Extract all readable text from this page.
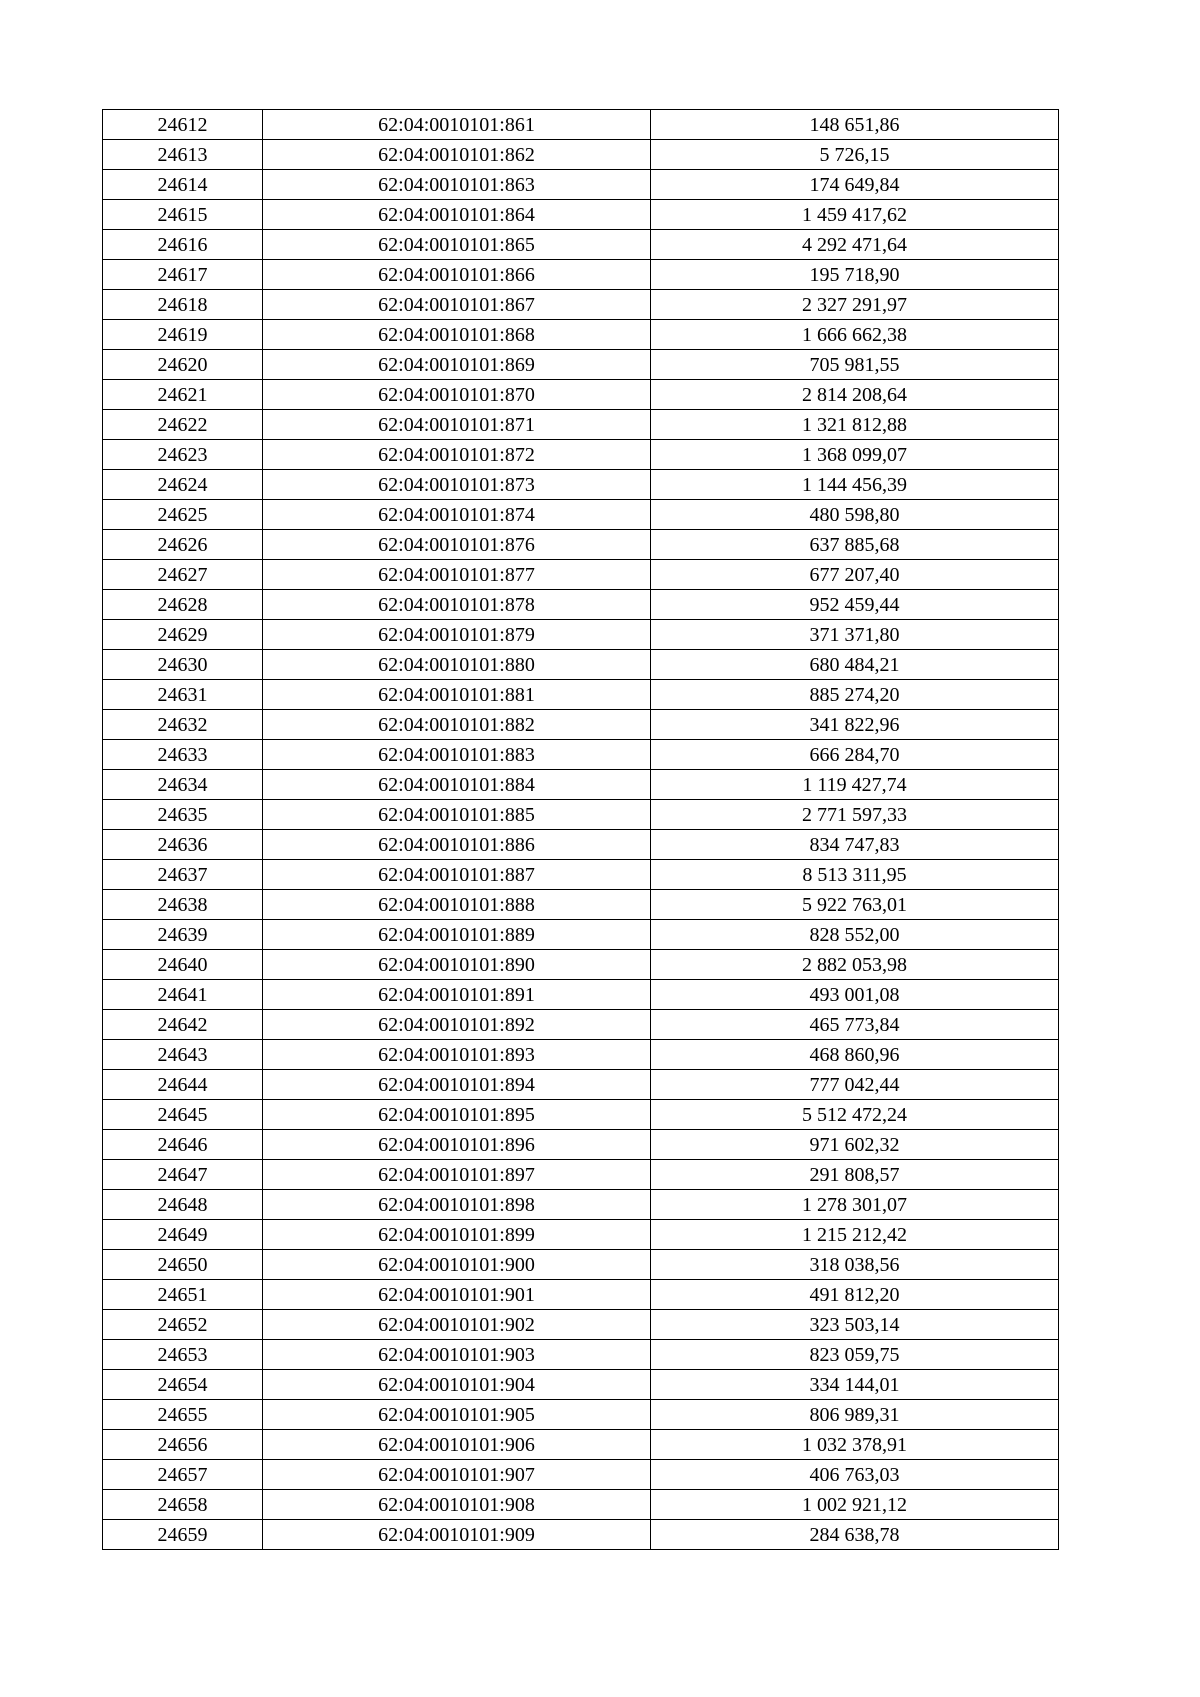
24612	62:04:0010101:861	148 651,86
24613	62:04:0010101:862	5 726,15
24614	62:04:0010101:863	174 649,84
24615	62:04:0010101:864	1 459 417,62
24616	62:04:0010101:865	4 292 471,64
24617	62:04:0010101:866	195 718,90
24618	62:04:0010101:867	2 327 291,97
24619	62:04:0010101:868	1 666 662,38
24620	62:04:0010101:869	705 981,55
24621	62:04:0010101:870	2 814 208,64
24622	62:04:0010101:871	1 321 812,88
24623	62:04:0010101:872	1 368 099,07
24624	62:04:0010101:873	1 144 456,39
24625	62:04:0010101:874	480 598,80
24626	62:04:0010101:876	637 885,68
24627	62:04:0010101:877	677 207,40
24628	62:04:0010101:878	952 459,44
24629	62:04:0010101:879	371 371,80
24630	62:04:0010101:880	680 484,21
24631	62:04:0010101:881	885 274,20
24632	62:04:0010101:882	341 822,96
24633	62:04:0010101:883	666 284,70
24634	62:04:0010101:884	1 119 427,74
24635	62:04:0010101:885	2 771 597,33
24636	62:04:0010101:886	834 747,83
24637	62:04:0010101:887	8 513 311,95
24638	62:04:0010101:888	5 922 763,01
24639	62:04:0010101:889	828 552,00
24640	62:04:0010101:890	2 882 053,98
24641	62:04:0010101:891	493 001,08
24642	62:04:0010101:892	465 773,84
24643	62:04:0010101:893	468 860,96
24644	62:04:0010101:894	777 042,44
24645	62:04:0010101:895	5 512 472,24
24646	62:04:0010101:896	971 602,32
24647	62:04:0010101:897	291 808,57
24648	62:04:0010101:898	1 278 301,07
24649	62:04:0010101:899	1 215 212,42
24650	62:04:0010101:900	318 038,56
24651	62:04:0010101:901	491 812,20
24652	62:04:0010101:902	323 503,14
24653	62:04:0010101:903	823 059,75
24654	62:04:0010101:904	334 144,01
24655	62:04:0010101:905	806 989,31
24656	62:04:0010101:906	1 032 378,91
24657	62:04:0010101:907	406 763,03
24658	62:04:0010101:908	1 002 921,12
24659	62:04:0010101:909	284 638,78
